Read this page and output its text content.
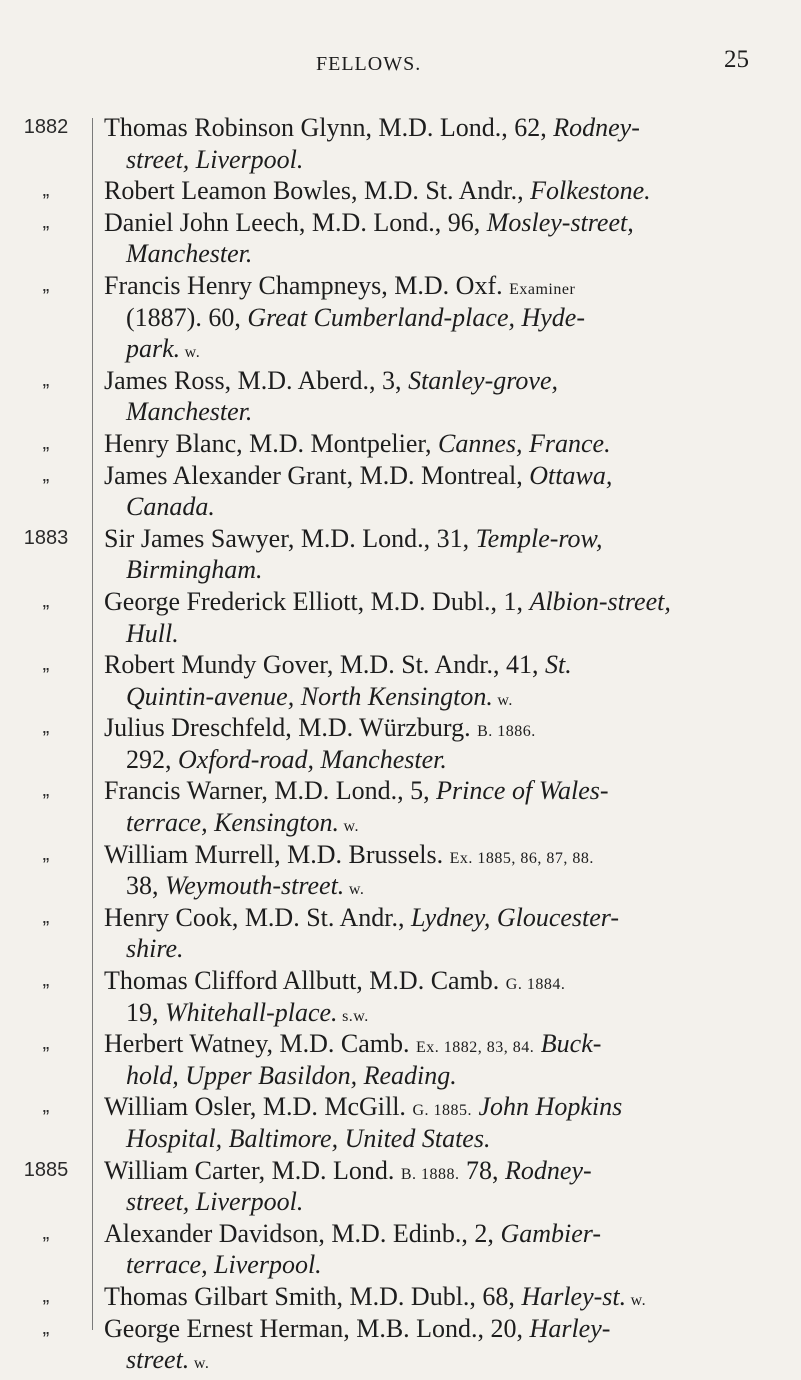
FELLOWS.	25
1882	Thomas Robinson Glynn, M.D. Lond., 62, Rodney-
street, Liverpool.
„	Robert Leamon Bowles, M.D. St. Andr., Folkestone.
„	Daniel John Leech, M.D. Lond., 96, Mosley-street,
Manchester.
„	Francis Henry Champneys, M.D. Oxf. Examiner
(1887). 60, Great Cumberland-place, Hyde-
park. w.
„	James Ross, M.D. Aberd., 3, Stanley-grove,
Manchester.
„	Henry Blanc, M.D. Montpelier, Cannes, France.
„	James Alexander Grant, M.D. Montreal, Ottawa,
Canada.
1883	Sir James Sawyer, M.D. Lond., 31, Temple-row,
Birmingham.
„	George Frederick Elliott, M.D. Dubl., 1, Albion-street,
Hull.
„	Robert Mundy Gover, M.D. St. Andr., 41, St.
Quintin-avenue, North Kensington. w.
„	Julius Dreschfeld, M.D. Würzburg. B. 1886.
292, Oxford-road, Manchester.
„	Francis Warner, M.D. Lond., 5, Prince of Wales-
terrace, Kensington. w.
„	William Murrell, M.D. Brussels. Ex. 1885, 86, 87, 88.
38, Weymouth-street. w.
„	Henry Cook, M.D. St. Andr., Lydney, Gloucester-
shire.
„	Thomas Clifford Allbutt, M.D. Camb. G. 1884.
19, Whitehall-place. s.w.
„	Herbert Watney, M.D. Camb. Ex. 1882, 83, 84. Buck-
hold, Upper Basildon, Reading.
„	William Osler, M.D. McGill. G. 1885. John Hopkins
Hospital, Baltimore, United States.
1885	William Carter, M.D. Lond. B. 1888. 78, Rodney-
street, Liverpool.
„	Alexander Davidson, M.D. Edinb., 2, Gambier-
terrace, Liverpool.
„	Thomas Gilbart Smith, M.D. Dubl., 68, Harley-st. w.
„	George Ernest Herman, M.B. Lond., 20, Harley-
street. w.
